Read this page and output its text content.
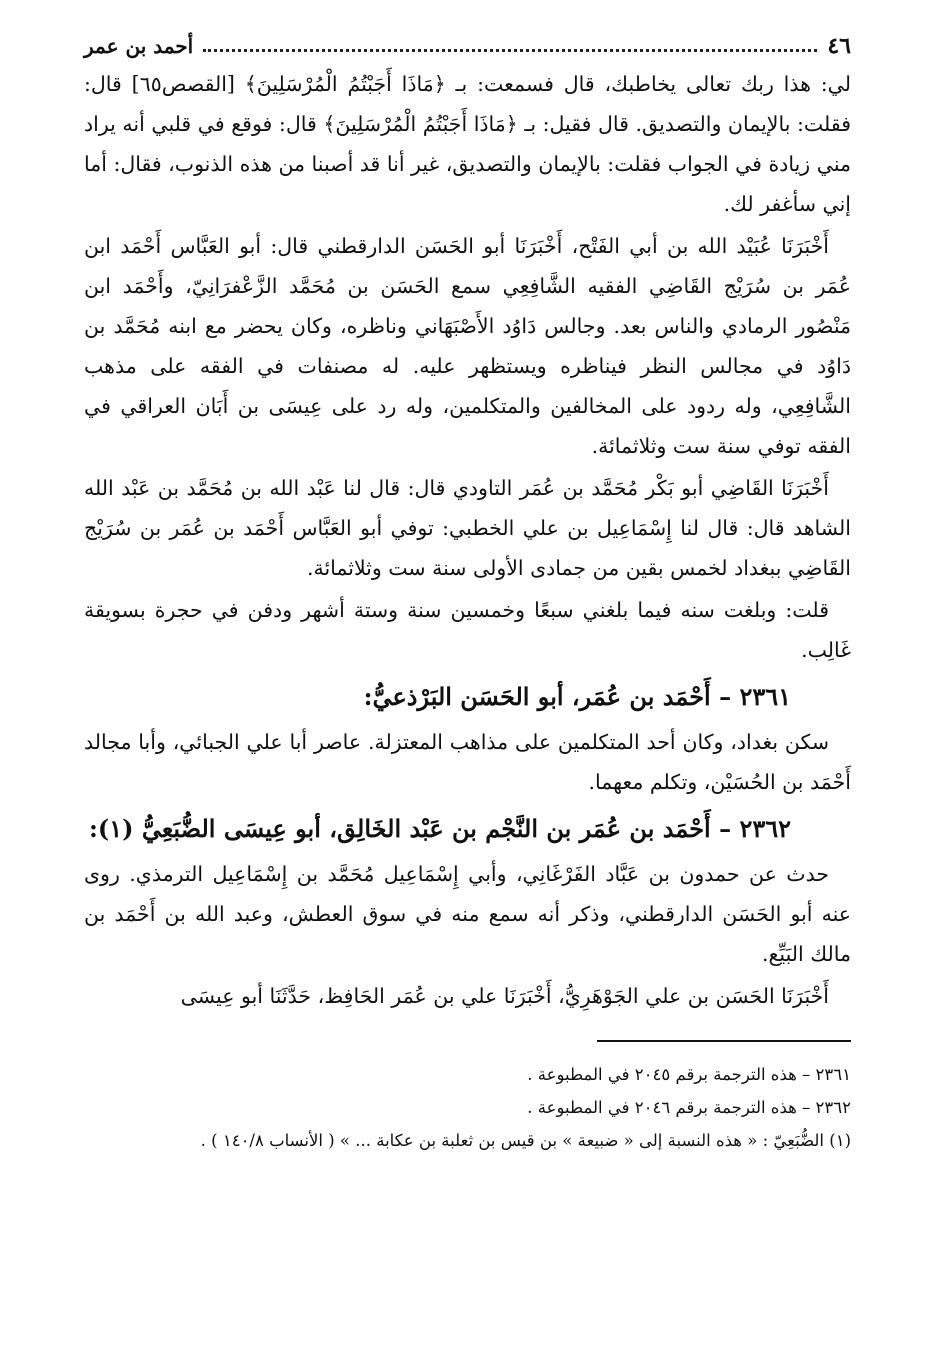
٤٦
أحمد بن عمر

لي: هذا ربك تعالى يخاطبك، قال فسمعت: بـ ﴿مَاذَا أَجَبْتُمُ الْمُرْسَلِينَ﴾ [القصص٦٥] قال: فقلت: بالإيمان والتصديق. قال فقيل: بـ ﴿مَاذَا أَجَبْتُمُ الْمُرْسَلِينَ﴾ قال: فوقع في قلبي أنه يراد مني زيادة في الجواب فقلت: بالإيمان والتصديق، غير أنا قد أصبنا من هذه الذنوب، فقال: أما إني سأغفر لك.

أَخْبَرَنَا عُبَيْد الله بن أبي الفَتْح، أَخْبَرَنَا أبو الحَسَن الدارقطني قال: أبو العَبَّاس أَحْمَد ابن عُمَر بن سُرَيْج القَاضِي الفقيه الشَّافِعِي سمع الحَسَن بن مُحَمَّد الزَّعْفرَانِيّ، وأَحْمَد ابن مَنْصُور الرمادي والناس بعد. وجالس دَاوُد الأَصْبَهَاني وناظره، وكان يحضر مع ابنه مُحَمَّد بن دَاوُد في مجالس النظر فيناظره ويستظهر عليه. له مصنفات في الفقه على مذهب الشَّافِعِي، وله ردود على المخالفين والمتكلمين، وله رد على عِيسَى بن أَبَان العراقي في الفقه توفي سنة ست وثلاثمائة.

أَخْبَرَنَا القَاضِي أبو بَكْر مُحَمَّد بن عُمَر التاودي قال: قال لنا عَبْد الله بن مُحَمَّد بن عَبْد الله الشاهد قال: قال لنا إِسْمَاعِيل بن علي الخطبي: توفي أبو العَبَّاس أَحْمَد بن عُمَر بن سُرَيْج القَاضِي ببغداد لخمس بقين من جمادى الأولى سنة ست وثلاثمائة.

قلت: وبلغت سنه فيما بلغني سبعًا وخمسين سنة وستة أشهر ودفن في حجرة بسويقة غَالِب.

٢٣٦١ – أَحْمَد بن عُمَر، أبو الحَسَن البَرْذعيُّ:

سكن بغداد، وكان أحد المتكلمين على مذاهب المعتزلة. عاصر أبا علي الجبائي، وأبا مجالد أَحْمَد بن الحُسَيْن، وتكلم معهما.

٢٣٦٢ – أَحْمَد بن عُمَر بن النَّجْم بن عَبْد الخَالِق، أبو عِيسَى الضُّبَعِيُّ (١):

حدث عن حمدون بن عَبَّاد الفَرْغَانِي، وأبي إِسْمَاعِيل مُحَمَّد بن إِسْمَاعِيل الترمذي. روى عنه أبو الحَسَن الدارقطني، وذكر أنه سمع منه في سوق العطش، وعبد الله بن أَحْمَد بن مالك البَيِّع.

أَخْبَرَنَا الحَسَن بن علي الجَوْهَرِيُّ، أَخْبَرَنَا علي بن عُمَر الحَافِظ، حَدَّثَنَا أبو عِيسَى

٢٣٦١ – هذه الترجمة برقم ٢٠٤٥ في المطبوعة .

٢٣٦٢ – هذه الترجمة برقم ٢٠٤٦ في المطبوعة .

(١) الضُّبَعِيّ : « هذه النسبة إلى « ضبيعة » بن قيس بن ثعلبة بن عكابة ... » ( الأنساب ١٤٠/٨ ) .
